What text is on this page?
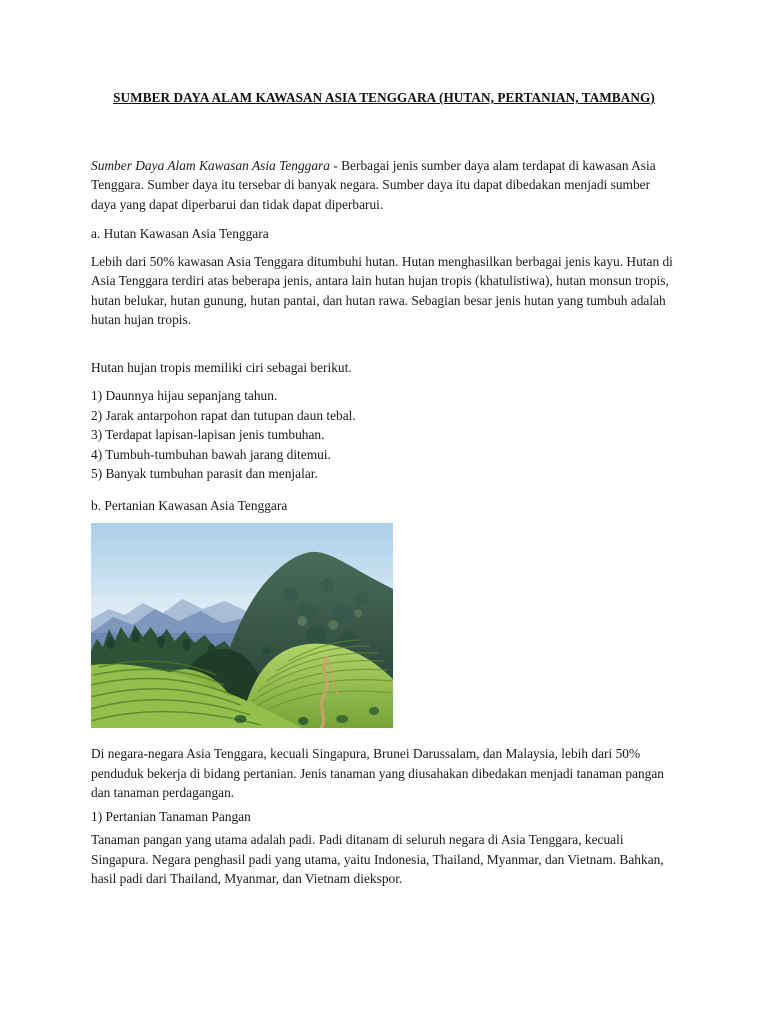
SUMBER DAYA ALAM KAWASAN ASIA TENGGARA (HUTAN, PERTANIAN, TAMBANG)

Sumber Daya Alam Kawasan Asia Tenggara - Berbagai jenis sumber daya alam terdapat di kawasan Asia Tenggara. Sumber daya itu tersebar di banyak negara. Sumber daya itu dapat dibedakan menjadi sumber daya yang dapat diperbarui dan tidak dapat diperbarui.

a. Hutan Kawasan Asia Tenggara

Lebih dari 50% kawasan Asia Tenggara ditumbuhi hutan. Hutan menghasilkan berbagai jenis kayu. Hutan di Asia Tenggara terdiri atas beberapa jenis, antara lain hutan hujan tropis (khatulistiwa), hutan monsun tropis, hutan belukar, hutan gunung, hutan pantai, dan hutan rawa. Sebagian besar jenis hutan yang tumbuh adalah hutan hujan tropis.

Hutan hujan tropis memiliki ciri sebagai berikut.

1) Daunnya hijau sepanjang tahun.
2) Jarak antarpohon rapat dan tutupan daun tebal.
3) Terdapat lapisan-lapisan jenis tumbuhan.
4) Tumbuh-tumbuhan bawah jarang ditemui.
5) Banyak tumbuhan parasit dan menjalar.

b. Pertanian Kawasan Asia Tenggara

Di negara-negara Asia Tenggara, kecuali Singapura, Brunei Darussalam, dan Malaysia, lebih dari 50% penduduk bekerja di bidang pertanian. Jenis tanaman yang diusahakan dibedakan menjadi tanaman pangan dan tanaman perdagangan.

1) Pertanian Tanaman Pangan

Tanaman pangan yang utama adalah padi. Padi ditanam di seluruh negara di Asia Tenggara, kecuali Singapura. Negara penghasil padi yang utama, yaitu Indonesia, Thailand, Myanmar, dan Vietnam. Bahkan, hasil padi dari Thailand, Myanmar, dan Vietnam diekspor.
